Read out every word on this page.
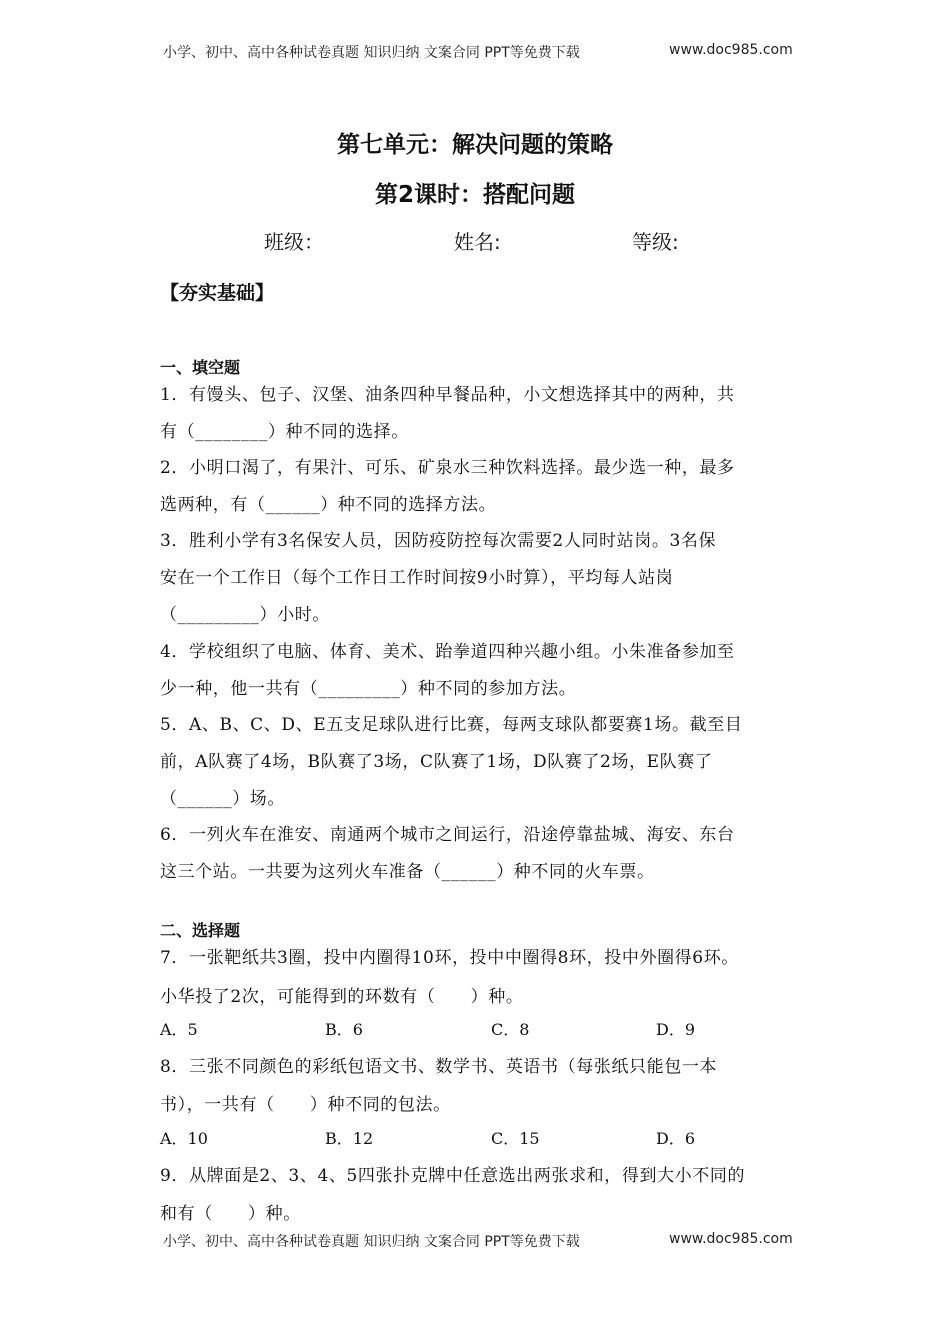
小学、初中、高中各种试卷真题 知识归纳 文案合同 PPT等免费下载	www.doc985.com
第七单元：解决问题的策略
第2课时：搭配问题
班级：	姓名:	等级:
【夯实基础】
一、填空题
1．有馒头、包子、汉堡、油条四种早餐品种，小文想选择其中的两种，共
有（________）种不同的选择。
2．小明口渴了，有果汁、可乐、矿泉水三种饮料选择。最少选一种，最多
选两种，有（______）种不同的选择方法。
3．胜利小学有3名保安人员，因防疫防控每次需要2人同时站岗。3名保
安在一个工作日（每个工作日工作时间按9小时算），平均每人站岗
（_________）小时。
4．学校组织了电脑、体育、美术、跆拳道四种兴趣小组。小朱准备参加至
少一种，他一共有（_________）种不同的参加方法。
5．A、B、C、D、E五支足球队进行比赛，每两支球队都要赛1场。截至目
前，A队赛了4场，B队赛了3场，C队赛了1场，D队赛了2场，E队赛了
（______）场。
6．一列火车在淮安、南通两个城市之间运行，沿途停靠盐城、海安、东台
这三个站。一共要为这列火车准备（______）种不同的火车票。
二、选择题
7．一张靶纸共3圈，投中内圈得10环，投中中圈得8环，投中外圈得6环。
小华投了2次，可能得到的环数有（　　）种。
A．5	B．6	C．8	D．9
8．三张不同颜色的彩纸包语文书、数学书、英语书（每张纸只能包一本
书），一共有（　　）种不同的包法。
A．10	B．12	C．15	D．6
9．从牌面是2、3、4、5四张扑克牌中任意选出两张求和，得到大小不同的
和有（　　）种。
小学、初中、高中各种试卷真题 知识归纳 文案合同 PPT等免费下载	www.doc985.com
